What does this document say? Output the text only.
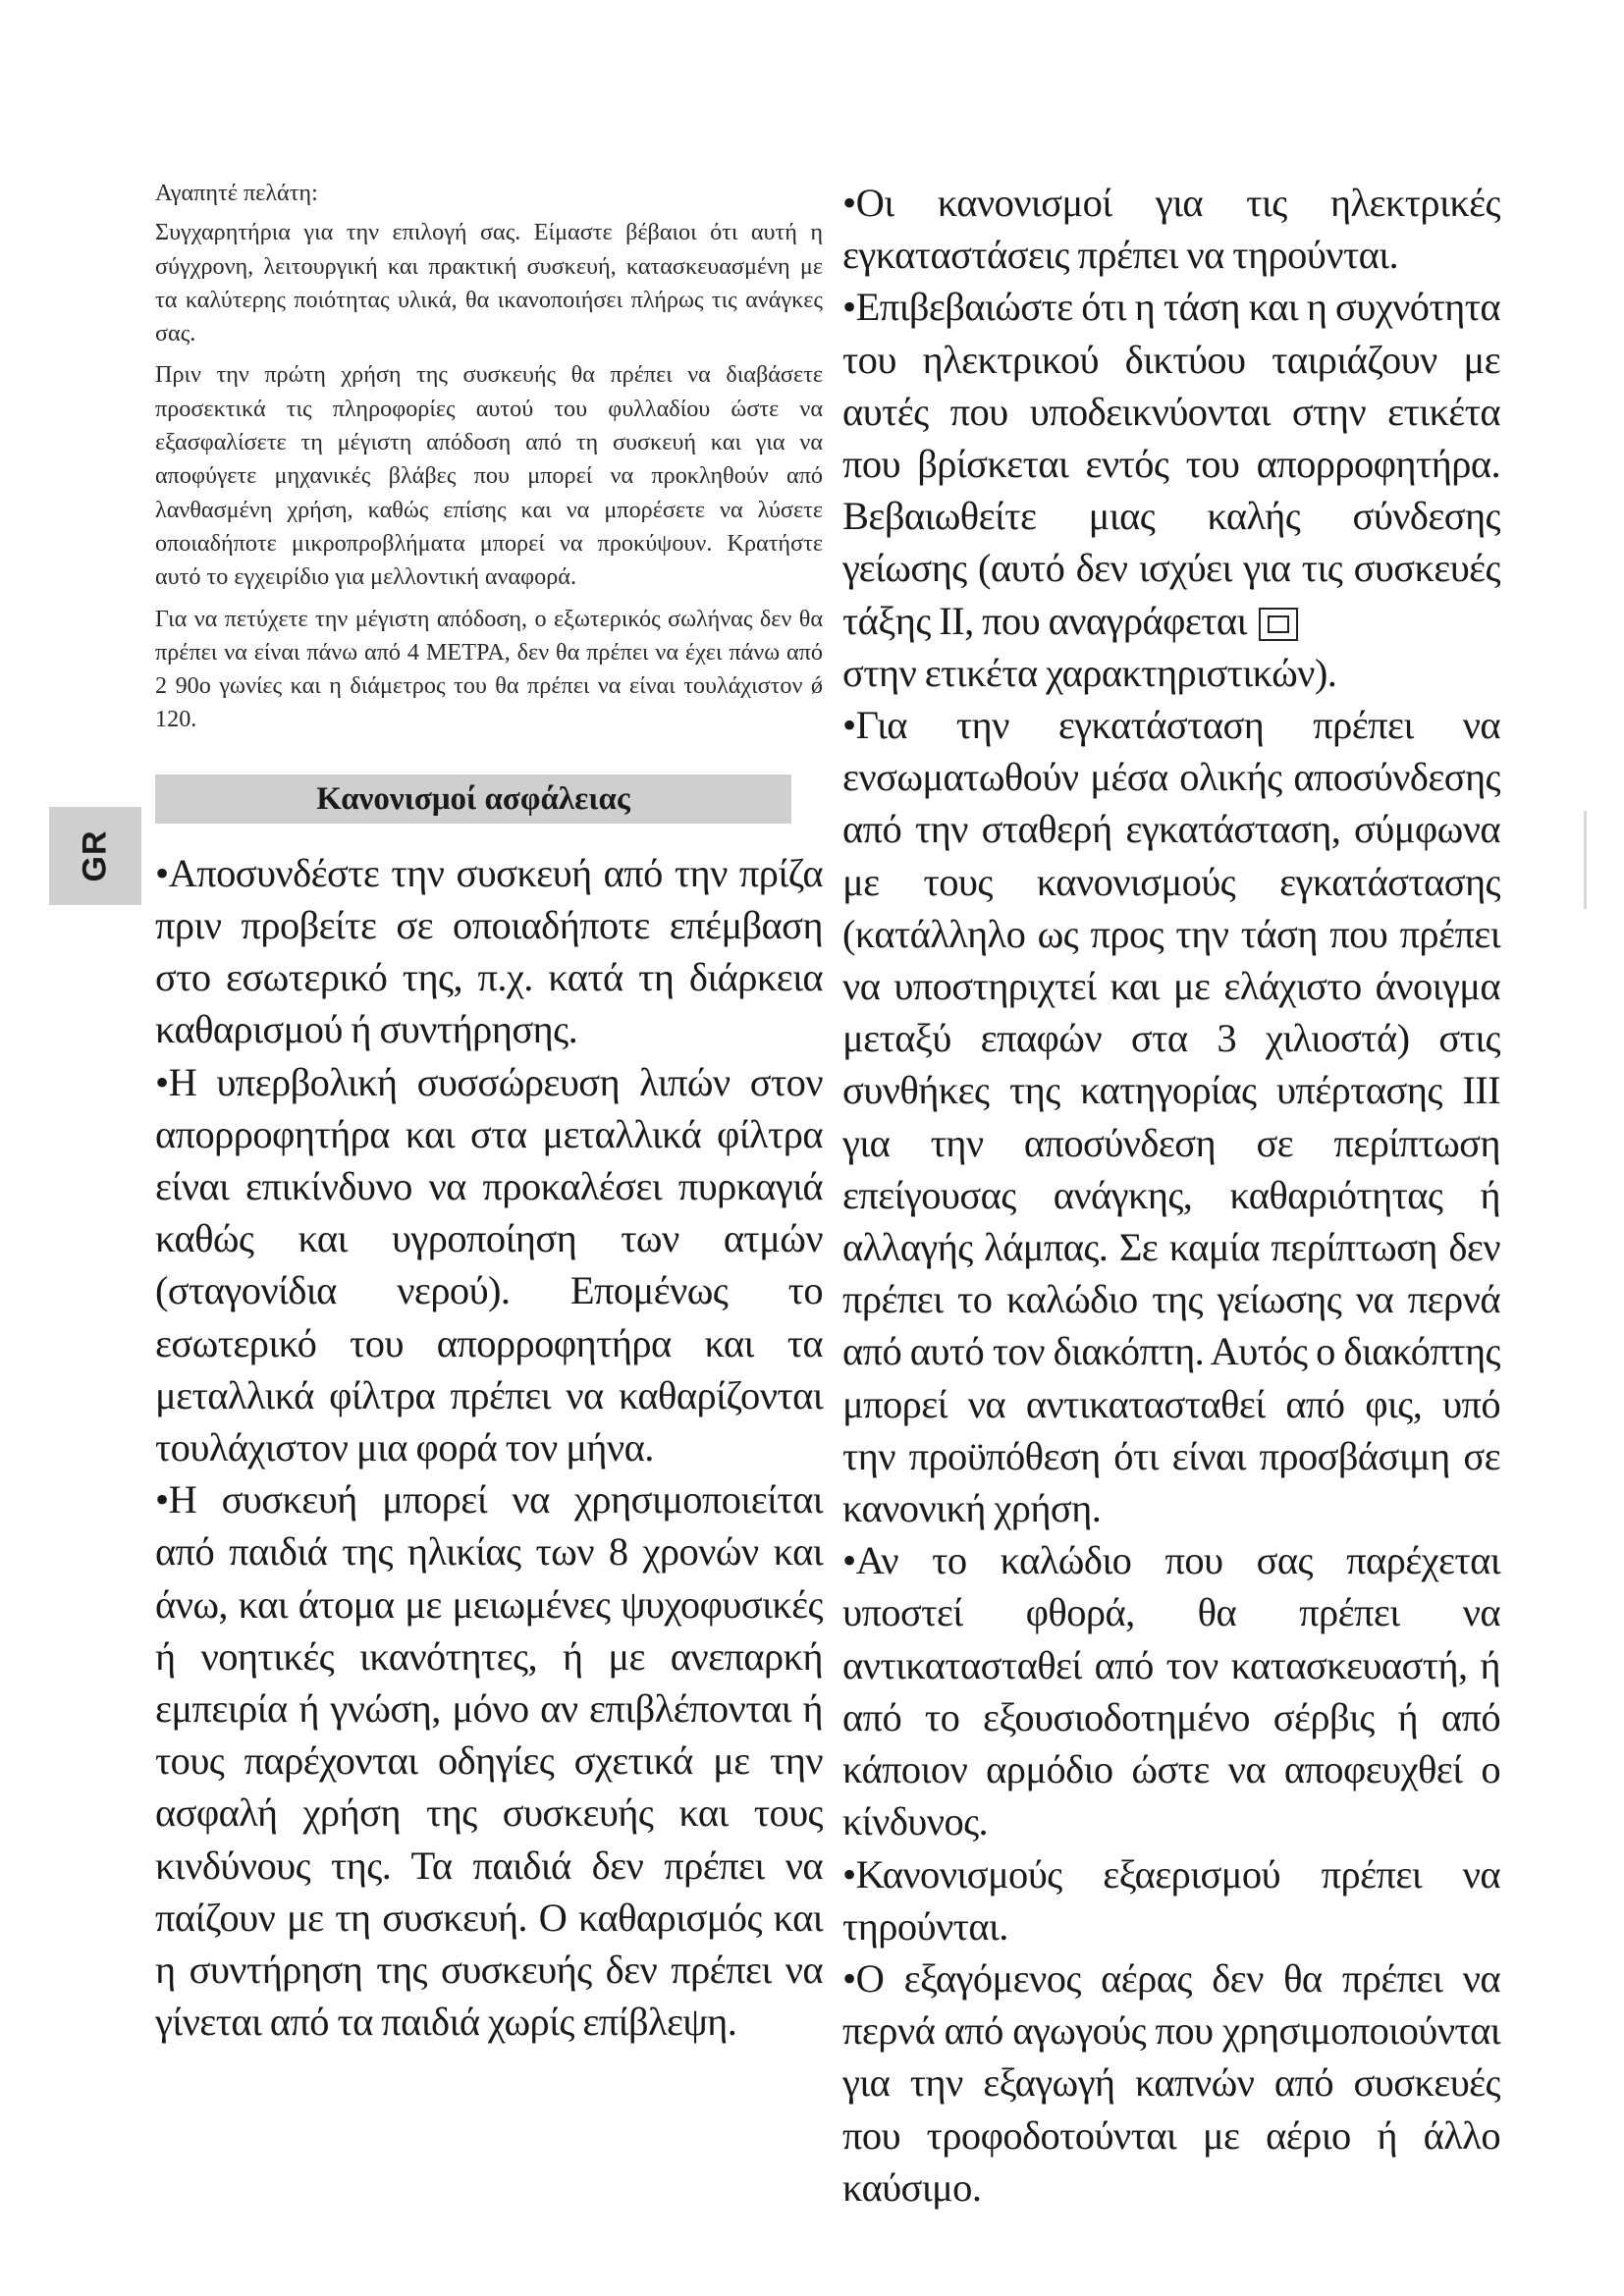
GR

Αγαπητέ πελάτη:

Συγχαρητήρια για την επιλογή σας. Είμαστε βέβαιοι ότι αυτή η σύγχρονη, λειτουργική και πρακτική συσκευή, κατασκευασμένη με τα καλύτερης ποιότητας υλικά, θα ικανοποιήσει πλήρως τις ανάγκες σας.

Πριν την πρώτη χρήση της συσκευής θα πρέπει να διαβάσετε προσεκτικά τις πληροφορίες αυτού του φυλλαδίου ώστε να εξασφαλίσετε τη μέγιστη απόδοση από τη συσκευή και για να αποφύγετε μηχανικές βλάβες που μπορεί να προκληθούν από λανθασμένη χρήση, καθώς επίσης και να μπορέσετε να λύσετε οποιαδήποτε μικροπροβλήματα μπορεί να προκύψουν. Κρατήστε αυτό το εγχειρίδιο για μελλοντική αναφορά.

Για να πετύχετε την μέγιστη απόδοση, ο εξωτερικός σωλήνας δεν θα πρέπει να είναι πάνω από 4 ΜΕΤΡΑ, δεν θα πρέπει να έχει πάνω από 2 90ο γωνίες και η διάμετρος του θα πρέπει να είναι τουλάχιστον ǿ 120.

Κανονισμοί ασφάλειας

•Αποσυνδέστε την συσκευή από την πρίζα πριν προβείτε σε οποιαδήποτε επέμβαση στο εσωτερικό της, π.χ. κατά τη διάρκεια καθαρισμού ή συντήρησης.

•Η υπερβολική συσσώρευση λιπών στον απορροφητήρα και στα μεταλλικά φίλτρα είναι επικίνδυνο να προκαλέσει πυρκαγιά καθώς και υγροποίηση των ατμών (σταγονίδια νερού). Επομένως το εσωτερικό του απορροφητήρα και τα μεταλλικά φίλτρα πρέπει να καθαρίζονται τουλάχιστον μια φορά τον μήνα.

•Η συσκευή μπορεί να χρησιμοποιείται από παιδιά της ηλικίας των 8 χρονών και άνω, και άτομα με μειωμένες ψυχοφυσικές ή νοητικές ικανότητες, ή με ανεπαρκή εμπειρία ή γνώση, μόνο αν επιβλέπονται ή τους παρέχονται οδηγίες σχετικά με την ασφαλή χρήση της συσκευής και τους κινδύνους της. Τα παιδιά δεν πρέπει να παίζουν με τη συσκευή. Ο καθαρισμός και η συντήρηση της συσκευής δεν πρέπει να γίνεται από τα παιδιά χωρίς επίβλεψη.

•Οι κανονισμοί για τις ηλεκτρικές εγκαταστάσεις πρέπει να τηρούνται.

•Επιβεβαιώστε ότι η τάση και η συχνότητα του ηλεκτρικού δικτύου ταιριάζουν με αυτές που υποδεικνύονται στην ετικέτα που βρίσκεται εντός του απορροφητήρα. Βεβαιωθείτε μιας καλής σύνδεσης γείωσης (αυτό δεν ισχύει για τις συσκευές τάξης II, που αναγράφεται
στην ετικέτα χαρακτηριστικών).

•Για την εγκατάσταση πρέπει να ενσωματωθούν μέσα ολικής αποσύνδεσης από την σταθερή εγκατάσταση, σύμφωνα με τους κανονισμούς εγκατάστασης (κατάλληλο ως προς την τάση που πρέπει να υποστηριχτεί και με ελάχιστο άνοιγμα μεταξύ επαφών στα 3 χιλιοστά) στις συνθήκες της κατηγορίας υπέρτασης III για την αποσύνδεση σε περίπτωση επείγουσας ανάγκης, καθαριότητας ή αλλαγής λάμπας. Σε καμία περίπτωση δεν πρέπει το καλώδιο της γείωσης να περνά από αυτό τον διακόπτη. Αυτός ο διακόπτης μπορεί να αντικατασταθεί από φις, υπό την προϋπόθεση ότι είναι προσβάσιμη σε κανονική χρήση.

•Αν το καλώδιο που σας παρέχεται υποστεί φθορά, θα πρέπει να αντικατασταθεί από τον κατασκευαστή, ή από το εξουσιοδοτημένο σέρβις ή από κάποιον αρμόδιο ώστε να αποφευχθεί ο κίνδυνος.

•Κανονισμούς εξαερισμού πρέπει να τηρούνται.

•Ο εξαγόμενος αέρας δεν θα πρέπει να περνά από αγωγούς που χρησιμοποιούνται για την εξαγωγή καπνών από συσκευές που τροφοδοτούνται με αέριο ή άλλο καύσιμο.
